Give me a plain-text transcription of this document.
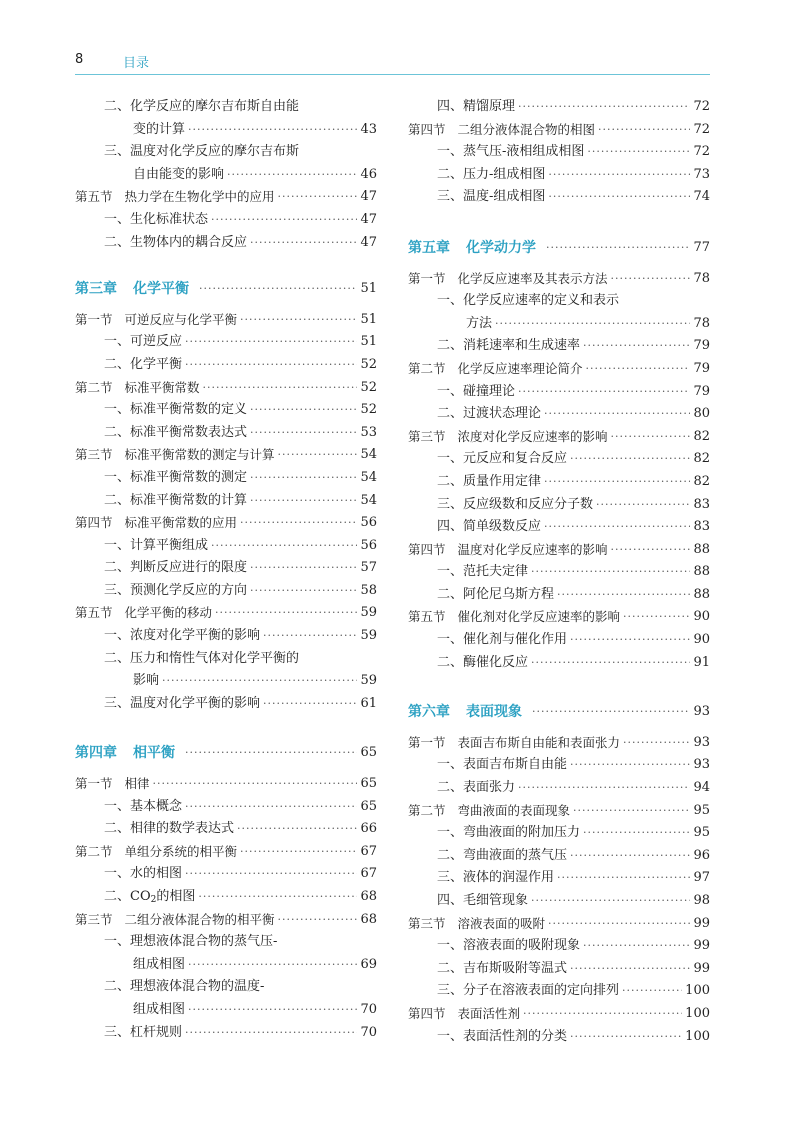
8	目录
二、化学反应的摩尔吉布斯自由能
变的计算 ·····	43
三、温度对化学反应的摩尔吉布斯
自由能变的影响 ·····	46
第五节 热力学在生物化学中的应用 ·····	47
一、生化标准状态 ·····	47
二、生物体内的耦合反应 ·····	47
第三章 化学平衡 ·····	51
第一节 可逆反应与化学平衡 ·····	51
一、可逆反应 ·····	51
二、化学平衡 ·····	52
第二节 标准平衡常数 ·····	52
一、标准平衡常数的定义 ·····	52
二、标准平衡常数表达式 ·····	53
第三节 标准平衡常数的测定与计算 ·····	54
一、标准平衡常数的测定 ·····	54
二、标准平衡常数的计算 ·····	54
第四节 标准平衡常数的应用 ·····	56
一、计算平衡组成 ·····	56
二、判断反应进行的限度 ·····	57
三、预测化学反应的方向 ·····	58
第五节 化学平衡的移动 ·····	59
一、浓度对化学平衡的影响 ·····	59
二、压力和惰性气体对化学平衡的
影响 ·····	59
三、温度对化学平衡的影响 ·····	61
第四章 相平衡 ·····	65
第一节 相律 ·····	65
一、基本概念 ·····	65
二、相律的数学表达式 ·····	66
第二节 单组分系统的相平衡 ·····	67
一、水的相图 ·····	67
二、$CO_2$的相图 ·····	68
第三节 二组分液体混合物的相平衡 ·····	68
一、理想液体混合物的蒸气压-
组成相图 ·····	69
二、理想液体混合物的温度-
组成相图 ·····	70
三、杠杆规则 ·····	70
四、精馏原理 ·····	72
第四节 二组分液体混合物的相图 ·····	72
一、蒸气压-液相组成相图 ·····	72
二、压力-组成相图 ·····	73
三、温度-组成相图 ·····	74
第五章 化学动力学 ·····	77
第一节 化学反应速率及其表示方法 ·····	78
一、化学反应速率的定义和表示
方法 ·····	78
二、消耗速率和生成速率 ·····	79
第二节 化学反应速率理论简介 ·····	79
一、碰撞理论 ·····	79
二、过渡状态理论 ·····	80
第三节 浓度对化学反应速率的影响 ·····	82
一、元反应和复合反应 ·····	82
二、质量作用定律 ·····	82
三、反应级数和反应分子数 ·····	83
四、简单级数反应 ·····	83
第四节 温度对化学反应速率的影响 ·····	88
一、范托夫定律 ·····	88
二、阿伦尼乌斯方程 ·····	88
第五节 催化剂对化学反应速率的影响 ·····	90
一、催化剂与催化作用 ·····	90
二、酶催化反应 ·····	91
第六章 表面现象 ·····	93
第一节 表面吉布斯自由能和表面张力 ·····	93
一、表面吉布斯自由能 ·····	93
二、表面张力 ·····	94
第二节 弯曲液面的表面现象 ·····	95
一、弯曲液面的附加压力 ·····	95
二、弯曲液面的蒸气压 ·····	96
三、液体的润湿作用 ·····	97
四、毛细管现象 ·····	98
第三节 溶液表面的吸附 ·····	99
一、溶液表面的吸附现象 ·····	99
二、吉布斯吸附等温式 ·····	99
三、分子在溶液表面的定向排列 ·····	100
第四节 表面活性剂 ·····	100
一、表面活性剂的分类 ·····	100
